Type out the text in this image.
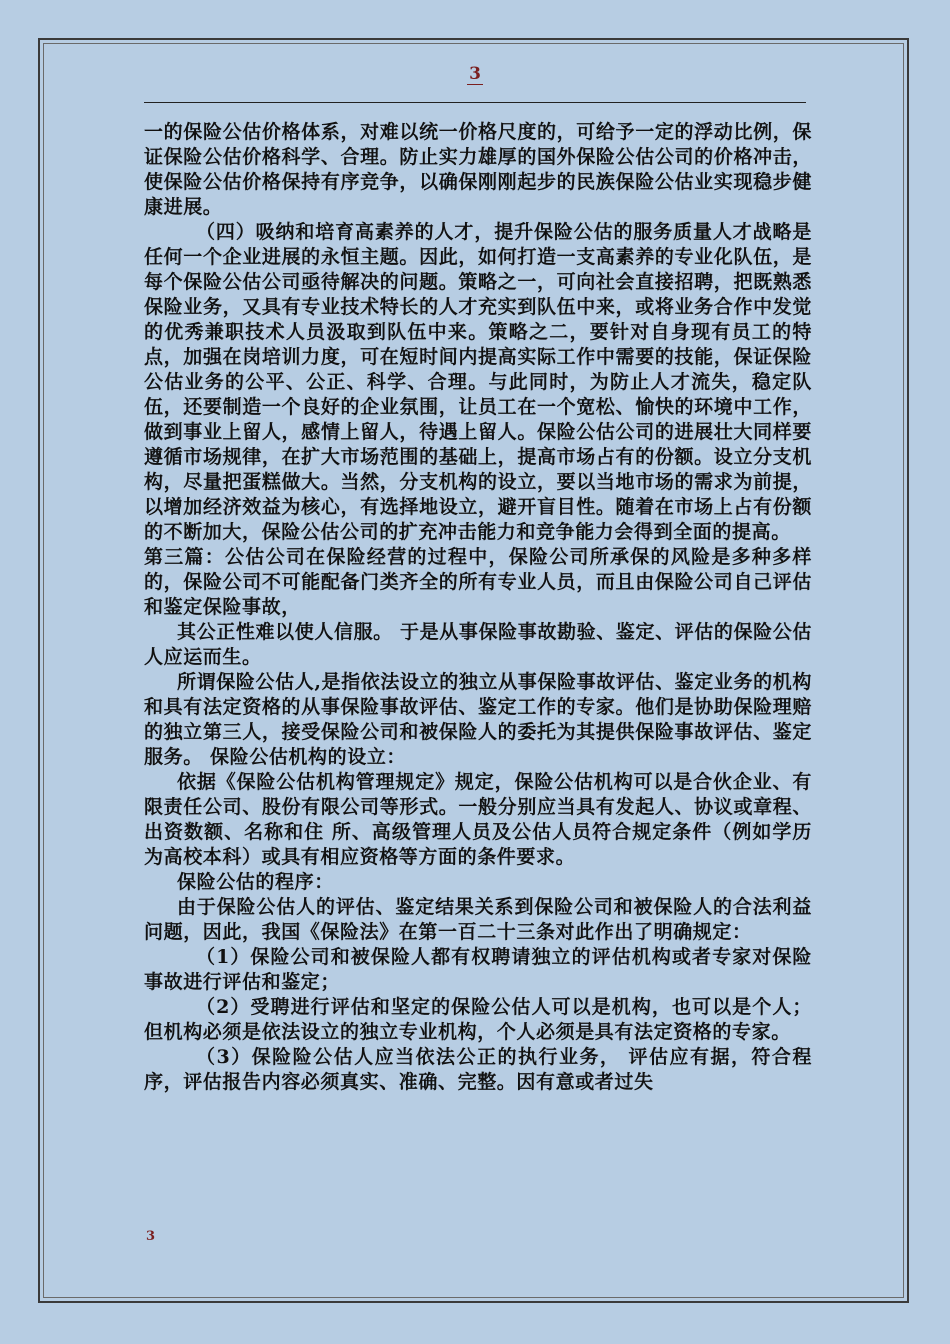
3

一的保险公估价格体系，对难以统一价格尺度的，可给予一定的浮动比例，保证保险公估价格科学、合理。防止实力雄厚的国外保险公估公司的价格冲击，使保险公估价格保持有序竞争，以确保刚刚起步的民族保险公估业实现稳步健康进展。

（四）吸纳和培育高素养的人才，提升保险公估的服务质量人才战略是任何一个企业进展的永恒主题。因此，如何打造一支高素养的专业化队伍，是每个保险公估公司亟待解决的问题。策略之一，可向社会直接招聘，把既熟悉保险业务，又具有专业技术特长的人才充实到队伍中来，或将业务合作中发觉的优秀兼职技术人员汲取到队伍中来。策略之二，要针对自身现有员工的特点，加强在岗培训力度，可在短时间内提高实际工作中需要的技能，保证保险公估业务的公平、公正、科学、合理。与此同时，为防止人才流失，稳定队伍，还要制造一个良好的企业氛围，让员工在一个宽松、愉快的环境中工作，做到事业上留人，感情上留人，待遇上留人。保险公估公司的进展壮大同样要遵循市场规律，在扩大市场范围的基础上，提高市场占有的份额。设立分支机构，尽量把蛋糕做大。当然，分支机构的设立，要以当地市场的需求为前提，以增加经济效益为核心，有选择地设立，避开盲目性。随着在市场上占有份额的不断加大，保险公估公司的扩充冲击能力和竞争能力会得到全面的提高。

第三篇：公估公司在保险经营的过程中，保险公司所承保的风险是多种多样的，保险公司不可能配备门类齐全的所有专业人员，而且由保险公司自己评估和鉴定保险事故，

其公正性难以使人信服。 于是从事保险事故勘验、鉴定、评估的保险公估人应运而生。

所谓保险公估人,是指依法设立的独立从事保险事故评估、鉴定业务的机构和具有法定资格的从事保险事故评估、鉴定工作的专家。他们是协助保险理赔的独立第三人，接受保险公司和被保险人的委托为其提供保险事故评估、鉴定服务。 保险公估机构的设立：

依据《保险公估机构管理规定》规定，保险公估机构可以是合伙企业、有限责任公司、股份有限公司等形式。一般分别应当具有发起人、协议或章程、出资数额、名称和住 所、高级管理人员及公估人员符合规定条件（例如学历为高校本科）或具有相应资格等方面的条件要求。

保险公估的程序：

由于保险公估人的评估、鉴定结果关系到保险公司和被保险人的合法利益问题，因此，我国《保险法》在第一百二十三条对此作出了明确规定：

（1）保险公司和被保险人都有权聘请独立的评估机构或者专家对保险事故进行评估和鉴定；

（2）受聘进行评估和坚定的保险公估人可以是机构，也可以是个人；但机构必须是依法设立的独立专业机构，个人必须是具有法定资格的专家。

（3）保险险公估人应当依法公正的执行业务， 评估应有据，符合程序，评估报告内容必须真实、准确、完整。因有意或者过失

3
